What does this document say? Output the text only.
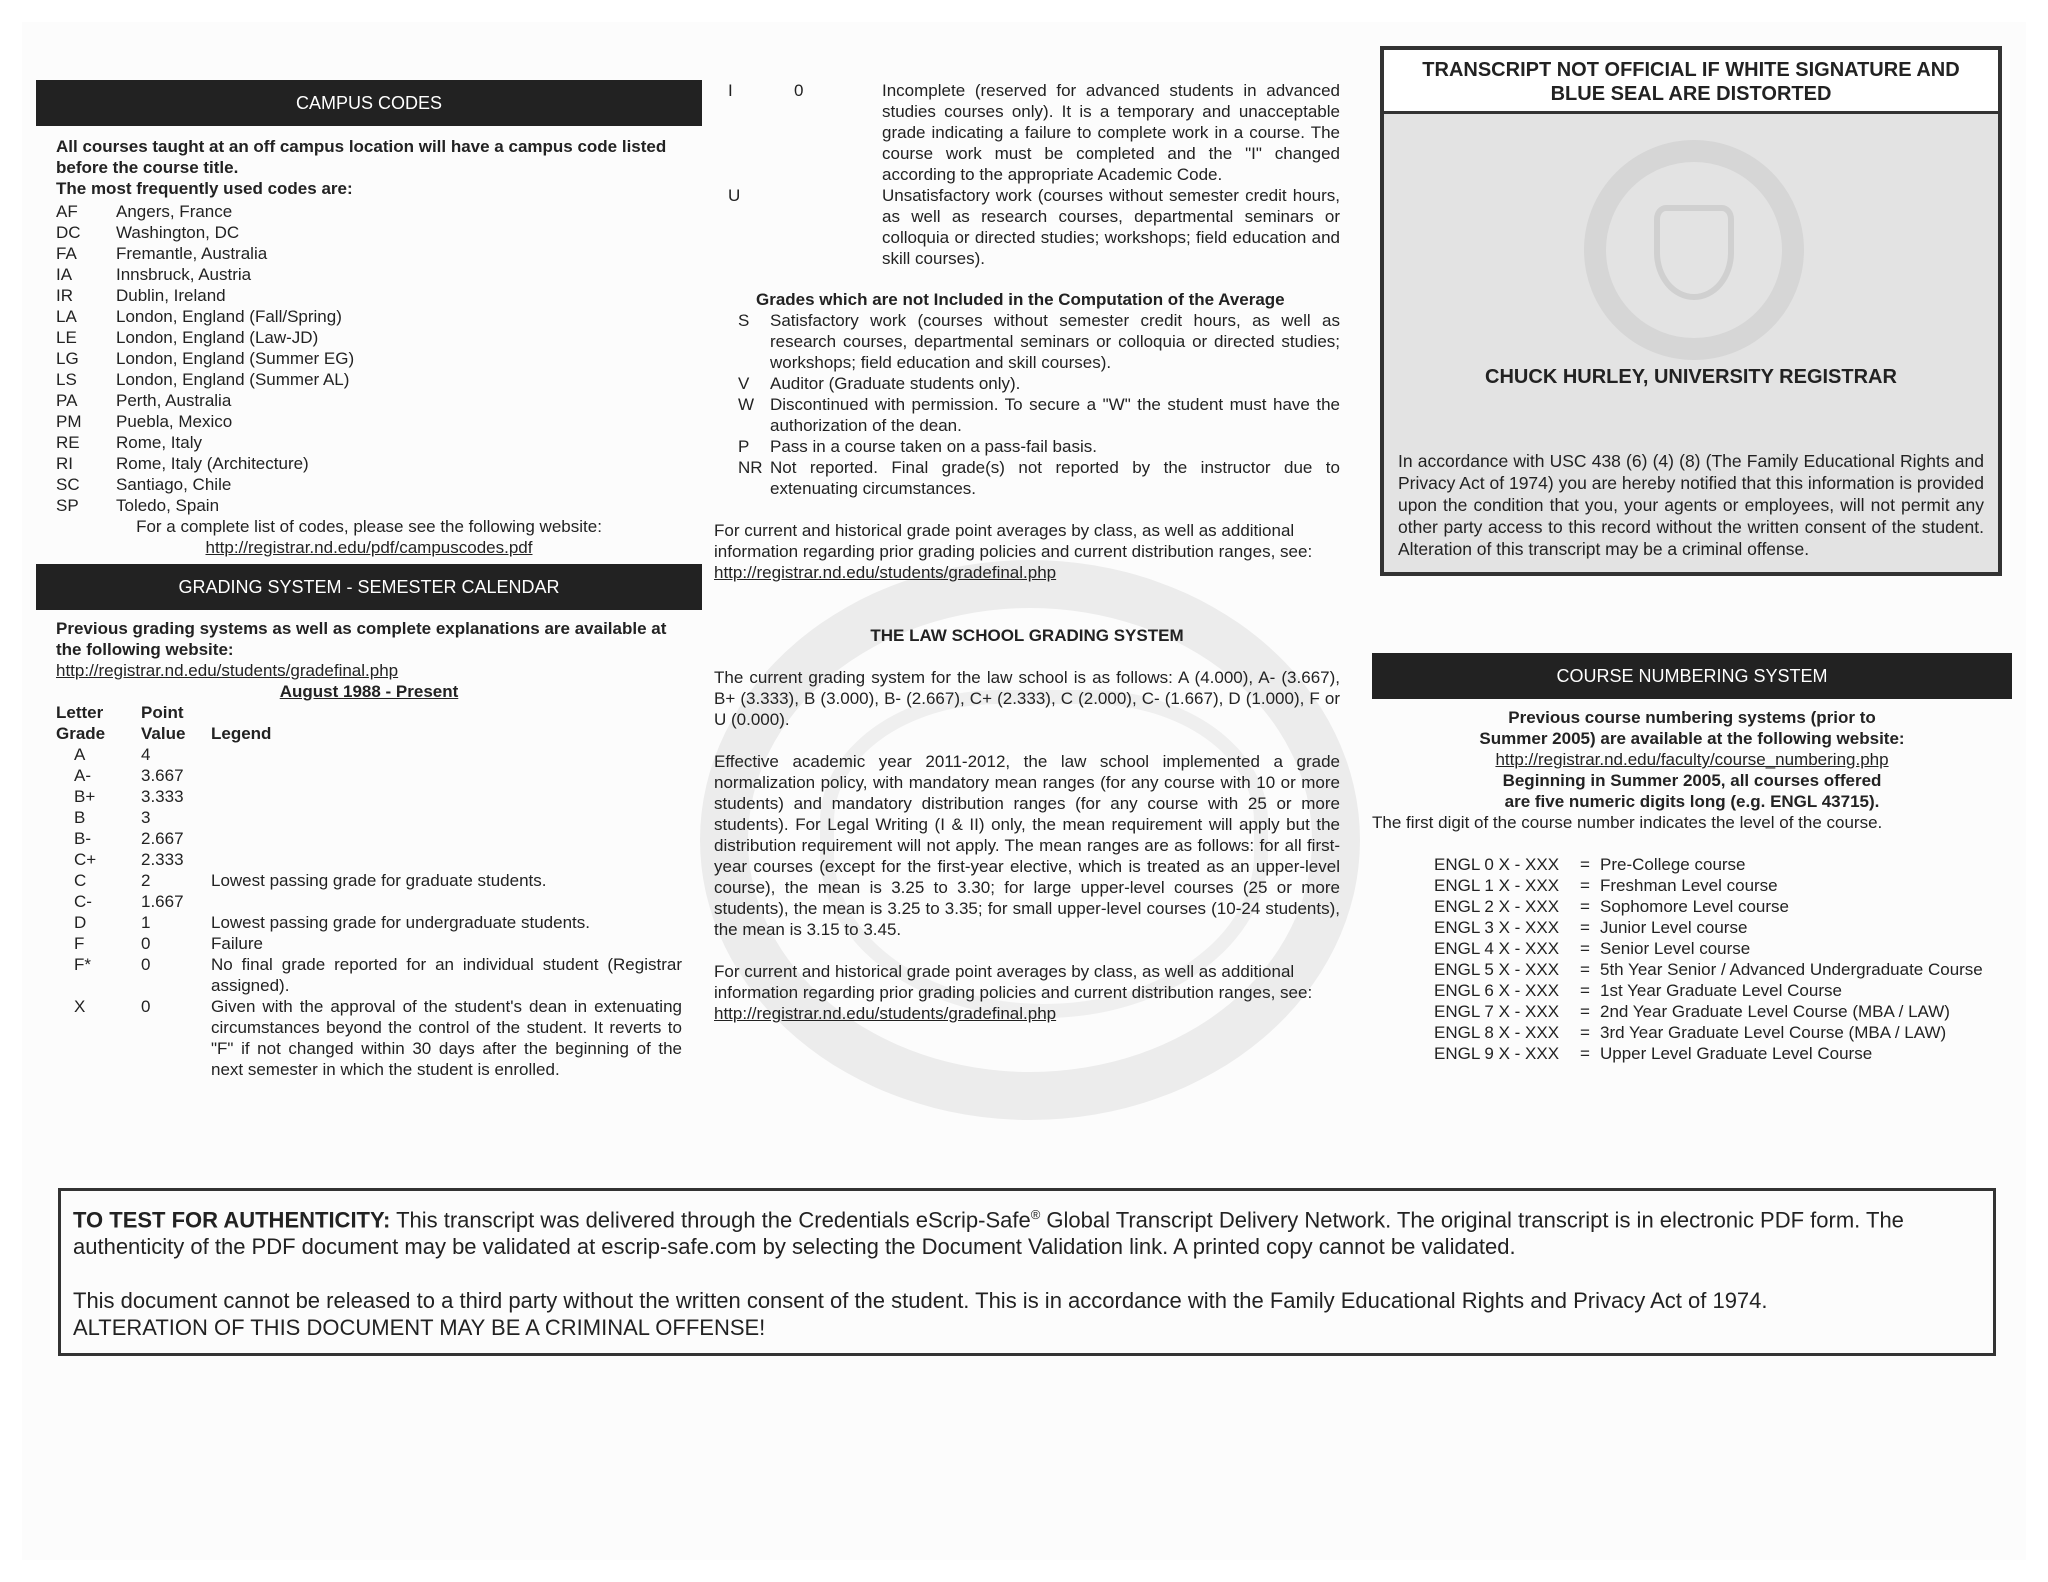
CAMPUS CODES
All courses taught at an off campus location will have a campus code listed before the course title.
The most frequently used codes are:
AF	Angers, France
DC	Washington, DC
FA	Fremantle, Australia
IA	Innsbruck, Austria
IR	Dublin, Ireland
LA	London, England (Fall/Spring)
LE	London, England (Law-JD)
LG	London, England (Summer EG)
LS	London, England (Summer AL)
PA	Perth, Australia
PM	Puebla, Mexico
RE	Rome, Italy
RI	Rome, Italy (Architecture)
SC	Santiago, Chile
SP	Toledo, Spain
For a complete list of codes, please see the following website:
http://registrar.nd.edu/pdf/campuscodes.pdf
GRADING SYSTEM - SEMESTER CALENDAR
Previous grading systems as well as complete explanations are available at the following website:
http://registrar.nd.edu/students/gradefinal.php
August 1988 - Present
Letter
Grade
Point
Value
	Legend
A	4
A-	3.667
B+	3.333
B	3
B-	2.667
C+	2.333
C	2	Lowest passing grade for graduate students.
C-	1.667
D	1	Lowest passing grade for undergraduate students.
F	0	Failure
F*	0	No final grade reported for an individual student (Registrar assigned).
X	0	Given with the approval of the student's dean in extenuating circumstances beyond the control of the student. It reverts to "F" if not changed within 30 days after the beginning of the next semester in which the student is enrolled.
I	0	Incomplete (reserved for advanced students in advanced studies courses only). It is a temporary and unacceptable grade indicating a failure to complete work in a course. The course work must be completed and the "I" changed according to the appropriate Academic Code.
U	Unsatisfactory work (courses without semester credit hours, as well as research courses, departmental seminars or colloquia or directed studies; workshops; field education and skill courses).
Grades which are not Included in the Computation of the Average
S	Satisfactory work (courses without semester credit hours, as well as research courses, departmental seminars or colloquia or directed studies; workshops; field education and skill courses).
V	Auditor (Graduate students only).
W Discontinued with permission. To secure a "W" the student must have the authorization of the dean.
P	Pass in a course taken on a pass-fail basis.
NR Not reported. Final grade(s) not reported by the instructor due to extenuating circumstances.
For current and historical grade point averages by class, as well as additional information regarding prior grading policies and current distribution ranges, see: http://registrar.nd.edu/students/gradefinal.php
THE LAW SCHOOL GRADING SYSTEM
The current grading system for the law school is as follows: A (4.000), A- (3.667), B+ (3.333), B (3.000), B- (2.667), C+ (2.333), C (2.000), C- (1.667), D (1.000), F or U (0.000).
Effective academic year 2011-2012, the law school implemented a grade normalization policy, with mandatory mean ranges (for any course with 10 or more students) and mandatory distribution ranges (for any course with 25 or more students). For Legal Writing (I & II) only, the mean requirement will apply but the distribution requirement will not apply. The mean ranges are as follows: for all first-year courses (except for the first-year elective, which is treated as an upper-level course), the mean is 3.25 to 3.30; for large upper-level courses (25 or more students), the mean is 3.25 to 3.35; for small upper-level courses (10-24 students), the mean is 3.15 to 3.45.
For current and historical grade point averages by class, as well as additional information regarding prior grading policies and current distribution ranges, see: http://registrar.nd.edu/students/gradefinal.php
TRANSCRIPT NOT OFFICIAL IF WHITE SIGNATURE AND BLUE SEAL ARE DISTORTED
CHUCK HURLEY, UNIVERSITY REGISTRAR
In accordance with USC 438 (6) (4) (8) (The Family Educational Rights and Privacy Act of 1974) you are hereby notified that this information is provided upon the condition that you, your agents or employees, will not permit any other party access to this record without the written consent of the student. Alteration of this transcript may be a criminal offense.
COURSE NUMBERING SYSTEM
Previous course numbering systems (prior to Summer 2005) are available at the following website:
http://registrar.nd.edu/faculty/course_numbering.php
Beginning in Summer 2005, all courses offered are five numeric digits long (e.g. ENGL 43715).
The first digit of the course number indicates the level of the course.
ENGL 0 X - XXX	= Pre-College course
ENGL 1 X - XXX	= Freshman Level course
ENGL 2 X - XXX	= Sophomore Level course
ENGL 3 X - XXX	= Junior Level course
ENGL 4 X - XXX	= Senior Level course
ENGL 5 X - XXX	= 5th Year Senior / Advanced Undergraduate Course
ENGL 6 X - XXX	= 1st Year Graduate Level Course
ENGL 7 X - XXX	= 2nd Year Graduate Level Course (MBA / LAW)
ENGL 8 X - XXX	= 3rd Year Graduate Level Course (MBA / LAW)
ENGL 9 X - XXX	= Upper Level Graduate Level Course
TO TEST FOR AUTHENTICITY: This transcript was delivered through the Credentials eScrip-Safe® Global Transcript Delivery Network. The original transcript is in electronic PDF form. The authenticity of the PDF document may be validated at escrip-safe.com by selecting the Document Validation link. A printed copy cannot be validated.
This document cannot be released to a third party without the written consent of the student. This is in accordance with the Family Educational Rights and Privacy Act of 1974.
ALTERATION OF THIS DOCUMENT MAY BE A CRIMINAL OFFENSE!
